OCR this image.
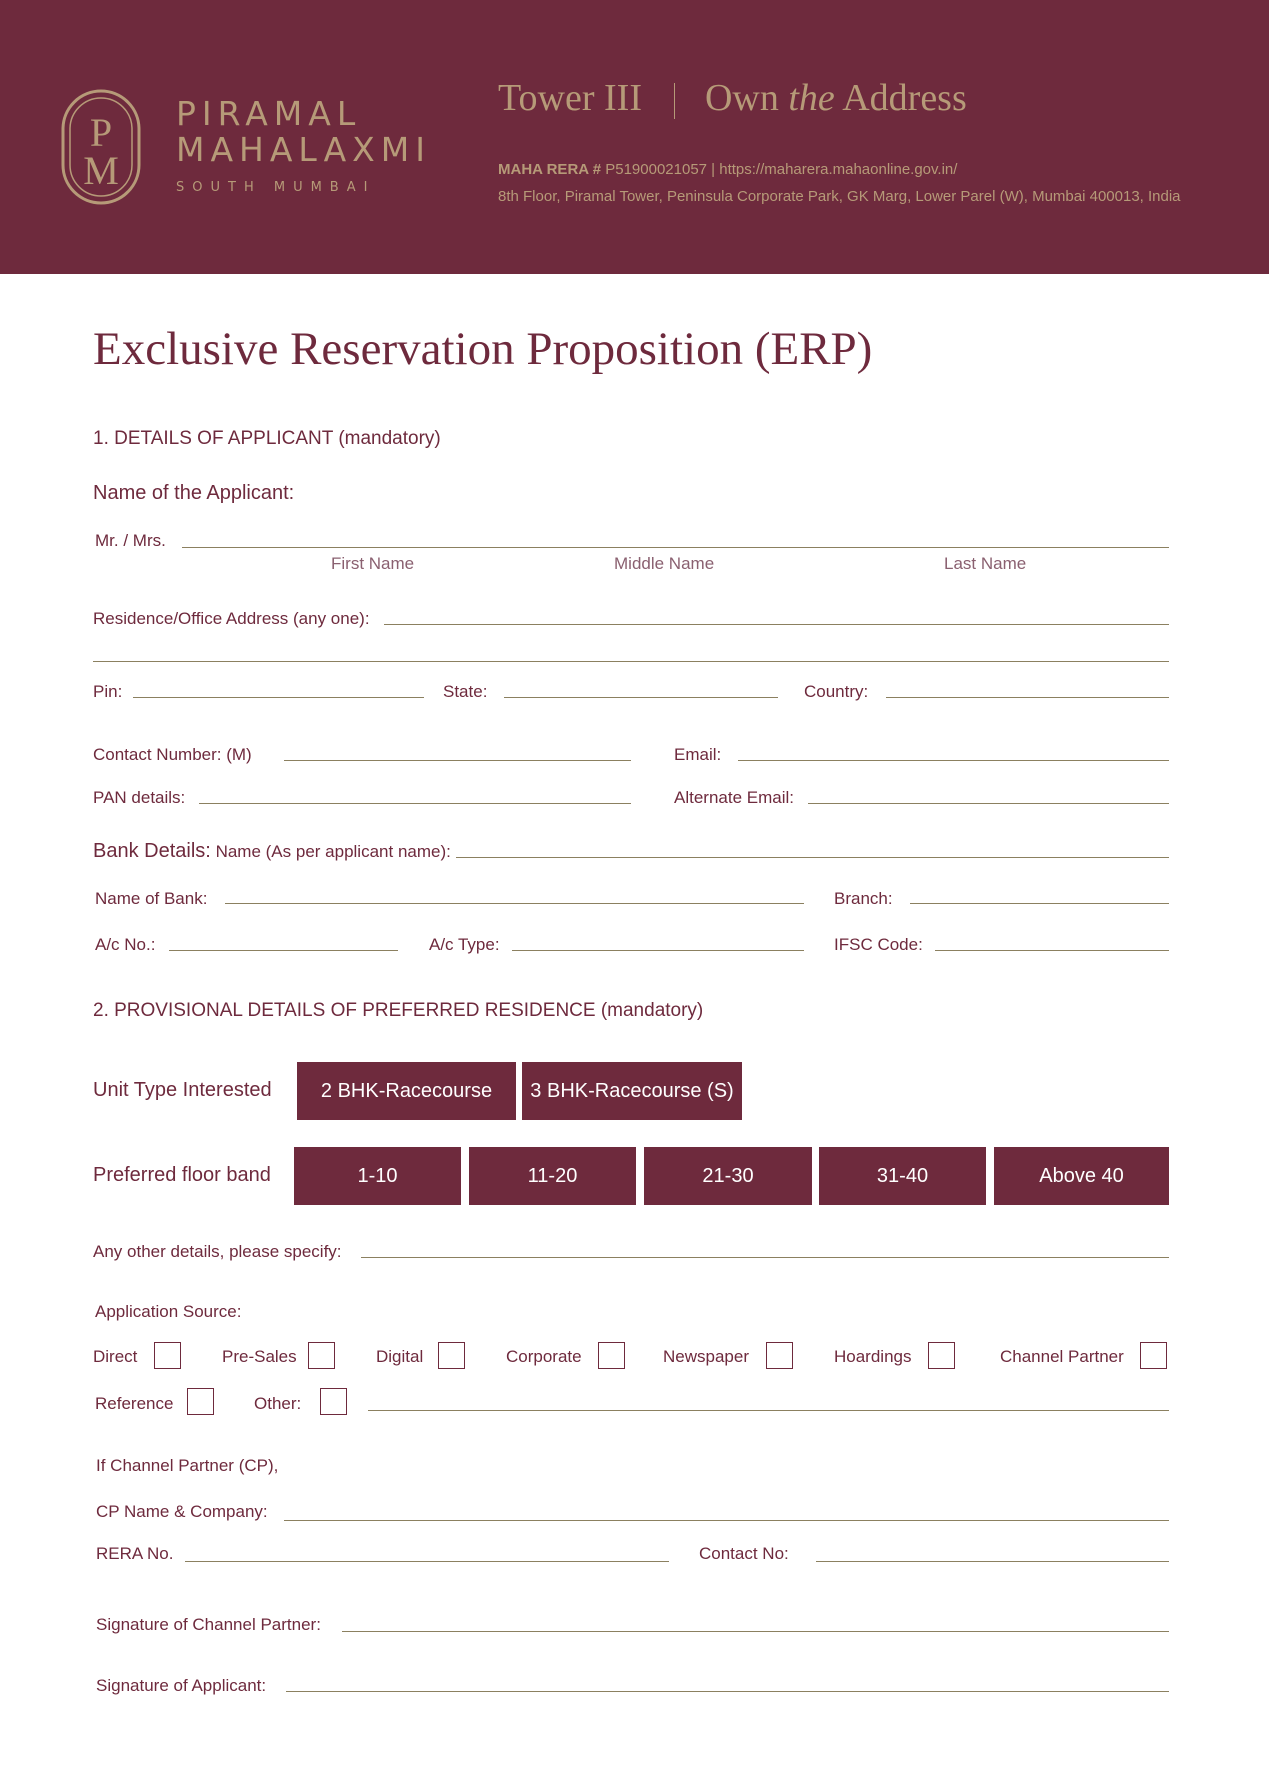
P
M
PIRAMAL
MAHALAXMI
SOUTH MUMBAI
Tower III Own the Address
MAHA RERA # P51900021057 | https://maharera.mahaonline.gov.in/
8th Floor, Piramal Tower, Peninsula Corporate Park, GK Marg, Lower Parel (W), Mumbai 400013, India
Exclusive Reservation Proposition (ERP)
1. DETAILS OF APPLICANT (mandatory)
Name of the Applicant:
Mr. / Mrs.
First Name	Middle Name	Last Name
Residence/Office Address (any one):
Pin:	State:	Country:
Contact Number: (M)	Email:
PAN details:	Alternate Email:
Bank Details: Name (As per applicant name):
Name of Bank:	Branch:
A/c No.:	A/c Type:	IFSC Code:
2. PROVISIONAL DETAILS OF PREFERRED RESIDENCE (mandatory)
Unit Type Interested	2 BHK-Racecourse	3 BHK-Racecourse (S)
Preferred floor band	1-10	11-20	21-30	31-40	Above 40
Any other details, please specify:
Application Source:
Direct	Pre-Sales	Digital	Corporate	Newspaper	Hoardings	Channel Partner
Reference	Other:
If Channel Partner (CP),
CP Name & Company:
RERA No.	Contact No:
Signature of Channel Partner:
Signature of Applicant:
